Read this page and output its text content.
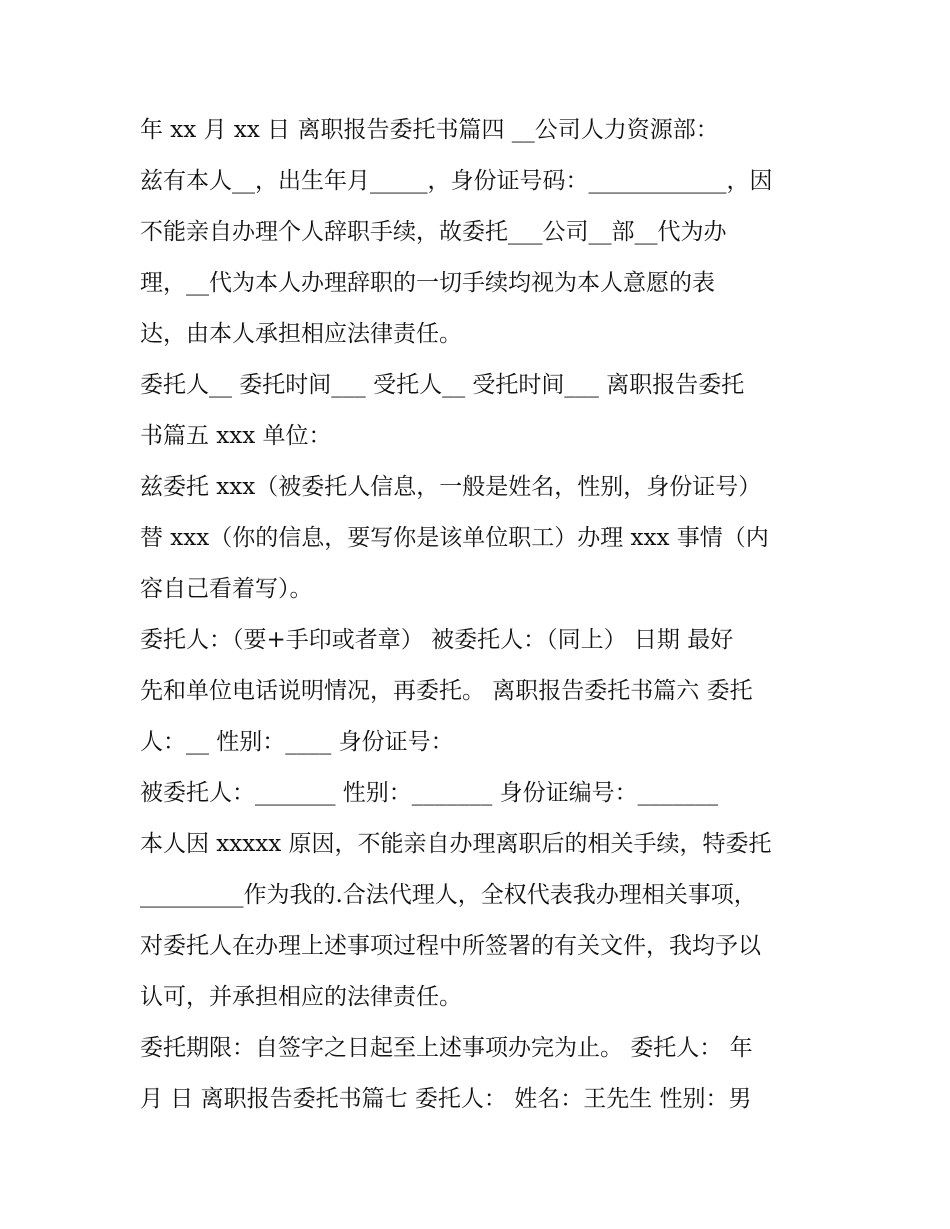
年 xx 月 xx 日 离职报告委托书篇四 __公司人力资源部：
兹有本人__，出生年月_____，身份证号码：____________，因
不能亲自办理个人辞职手续，故委托___公司__部__代为办
理，__代为本人办理辞职的一切手续均视为本人意愿的表
达，由本人承担相应法律责任。
委托人__ 委托时间___ 受托人__ 受托时间___ 离职报告委托
书篇五 xxx 单位：
兹委托 xxx（被委托人信息，一般是姓名，性别，身份证号）
替 xxx（你的信息，要写你是该单位职工）办理 xxx 事情（内
容自己看着写）。
委托人：（要+手印或者章） 被委托人：（同上） 日期 最好
先和单位电话说明情况，再委托。 离职报告委托书篇六 委托
人：__ 性别：____ 身份证号：
被委托人：_______ 性别：_______ 身份证编号：_______
本人因 xxxxx 原因，不能亲自办理离职后的相关手续，特委托
_________作为我的.合法代理人，全权代表我办理相关事项，
对委托人在办理上述事项过程中所签署的有关文件，我均予以
认可，并承担相应的法律责任。
委托期限：自签字之日起至上述事项办完为止。 委托人： 年
月 日 离职报告委托书篇七 委托人： 姓名：王先生 性别：男
